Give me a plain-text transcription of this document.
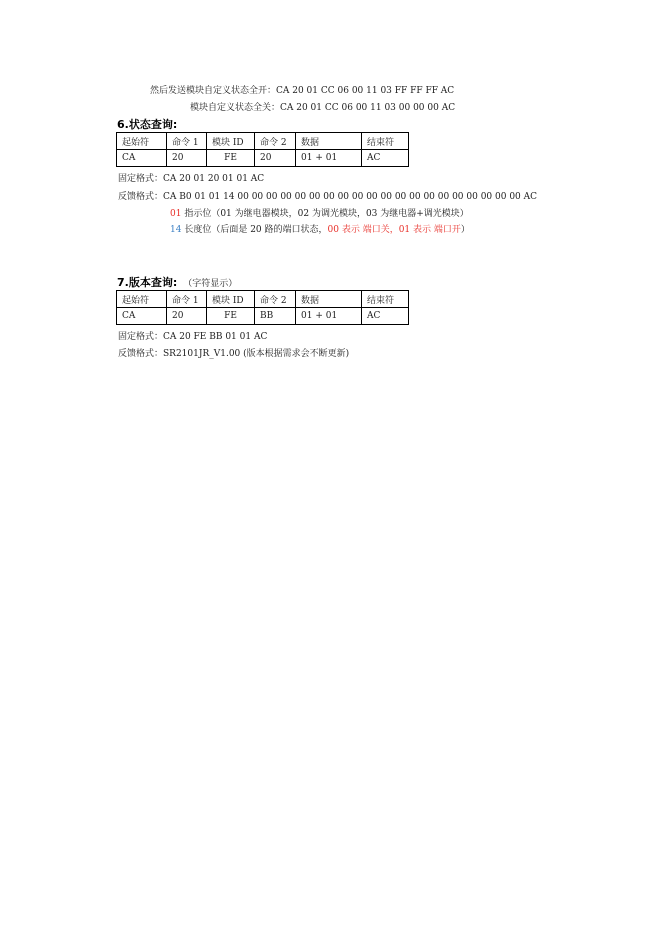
然后发送模块自定义状态全开：CA 20 01 CC 06 00 11 03 FF FF FF AC
模块自定义状态全关：CA 20 01 CC 06 00 11 03 00 00 00 AC
6.状态查询:
起始符	命令 1	模块 ID	命令 2	数据	结束符
CA	20	FE	20	01 + 01	AC
固定格式：CA 20 01 20 01 01 AC
反馈格式：CA B0 01 01 14 00 00 00 00 00 00 00 00 00 00 00 00 00 00 00 00 00 00 00 00 AC
01 指示位（01 为继电器模块，02 为调光模块，03 为继电器+调光模块）
14 长度位（后面是 20 路的端口状态，00 表示 端口关，01 表示 端口开）
7.版本查询: （字符显示）
起始符	命令 1	模块 ID	命令 2	数据	结束符
CA	20	FE	BB	01 + 01	AC
固定格式：CA 20 FE BB 01 01 AC
反馈格式：SR2101JR_V1.00 (版本根据需求会不断更新)
